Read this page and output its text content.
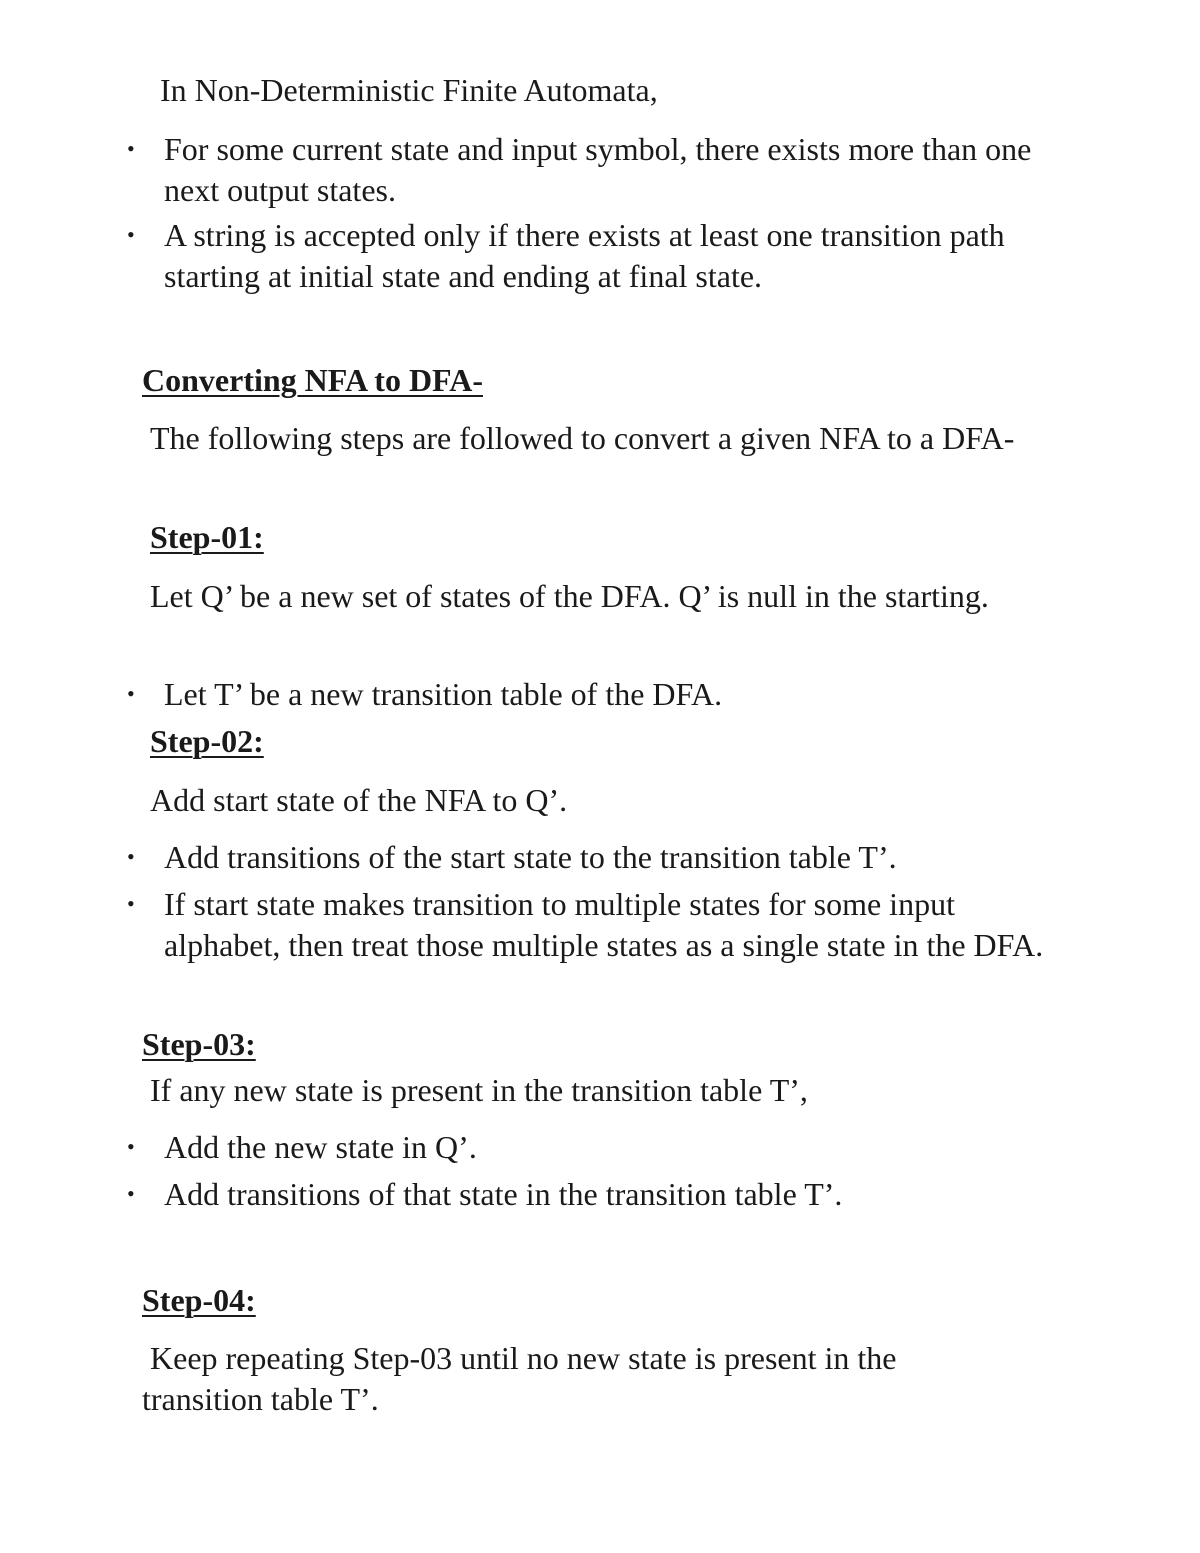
In Non-Deterministic Finite Automata,
• For some current state and input symbol, there exists more than one next output states.
• A string is accepted only if there exists at least one transition path starting at initial state and ending at final state.
Converting NFA to DFA-
The following steps are followed to convert a given NFA to a DFA-
Step-01:
Let Q’ be a new set of states of the DFA. Q’ is null in the starting.
• Let T’ be a new transition table of the DFA.
Step-02:
Add start state of the NFA to Q’.
• Add transitions of the start state to the transition table T’.
• If start state makes transition to multiple states for some input alphabet, then treat those multiple states as a single state in the DFA.
Step-03:
If any new state is present in the transition table T’,
• Add the new state in Q’.
• Add transitions of that state in the transition table T’.
Step-04:
Keep repeating Step-03 until no new state is present in the transition table T’.
